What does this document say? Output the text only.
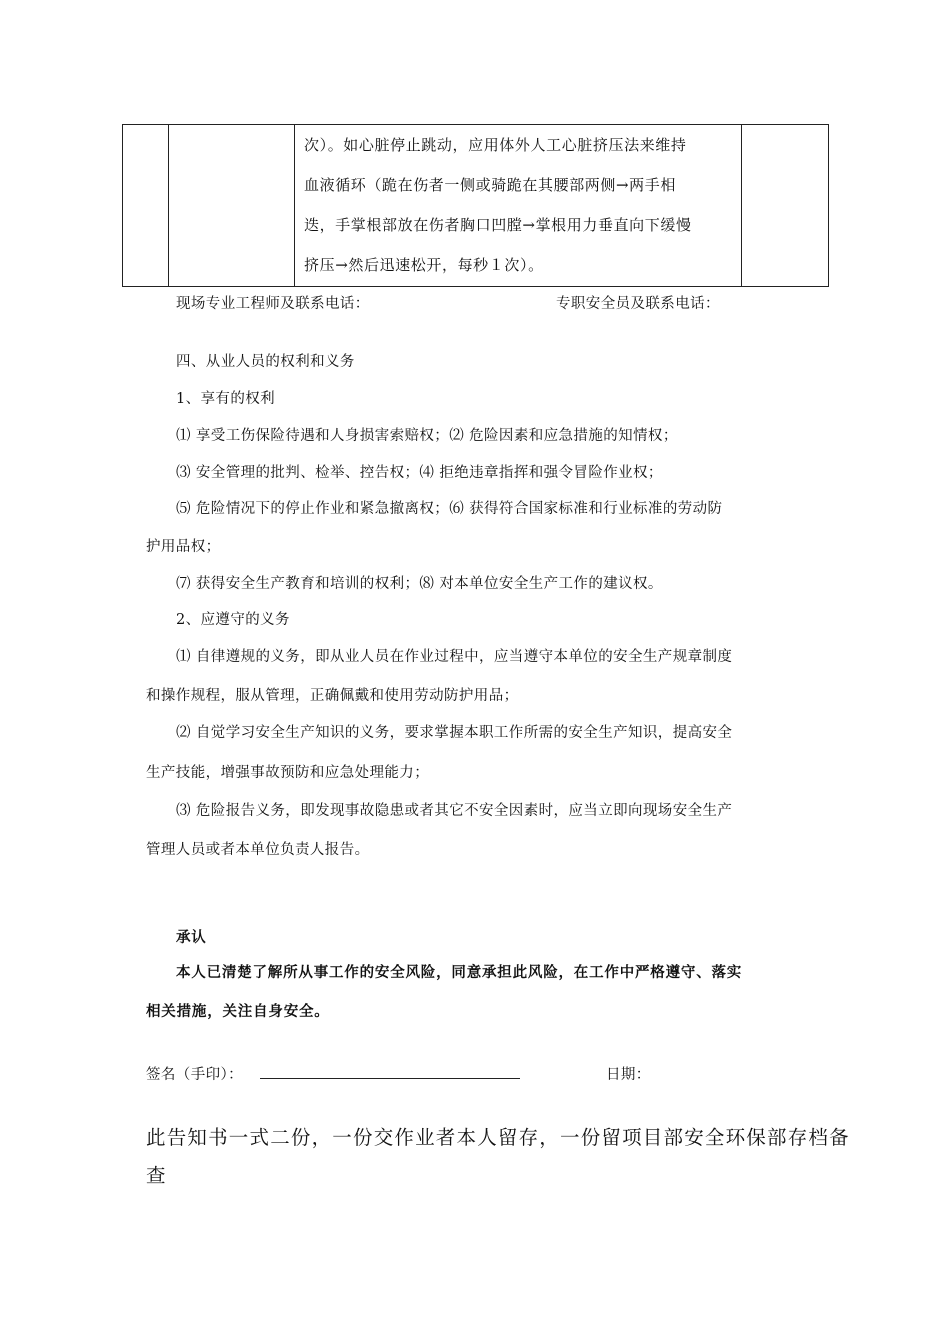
次）。如心脏停止跳动，应用体外人工心脏挤压法来维持
血液循环（跪在伤者一侧或骑跪在其腰部两侧→两手相
迭，手掌根部放在伤者胸口凹膛→掌根用力垂直向下缓慢
挤压→然后迅速松开，每秒１次）。
现场专业工程师及联系电话：	专职安全员及联系电话：
四、从业人员的权利和义务
1、享有的权利
⑴ 享受工伤保险待遇和人身损害索赔权；⑵ 危险因素和应急措施的知情权；
⑶ 安全管理的批判、检举、控告权；⑷ 拒绝违章指挥和强令冒险作业权；
⑸ 危险情况下的停止作业和紧急撤离权；⑹ 获得符合国家标准和行业标准的劳动防
护用品权；
⑺ 获得安全生产教育和培训的权利；⑻ 对本单位安全生产工作的建议权。
2、应遵守的义务
⑴ 自律遵规的义务，即从业人员在作业过程中，应当遵守本单位的安全生产规章制度
和操作规程，服从管理，正确佩戴和使用劳动防护用品；
⑵ 自觉学习安全生产知识的义务，要求掌握本职工作所需的安全生产知识，提高安全
生产技能，增强事故预防和应急处理能力；
⑶ 危险报告义务，即发现事故隐患或者其它不安全因素时，应当立即向现场安全生产
管理人员或者本单位负责人报告。
承认
本人已清楚了解所从事工作的安全风险，同意承担此风险，在工作中严格遵守、落实
相关措施，关注自身安全。
签名（手印）：	日期：
此告知书一式二份，一份交作业者本人留存，一份留项目部安全环保部存档备
查
